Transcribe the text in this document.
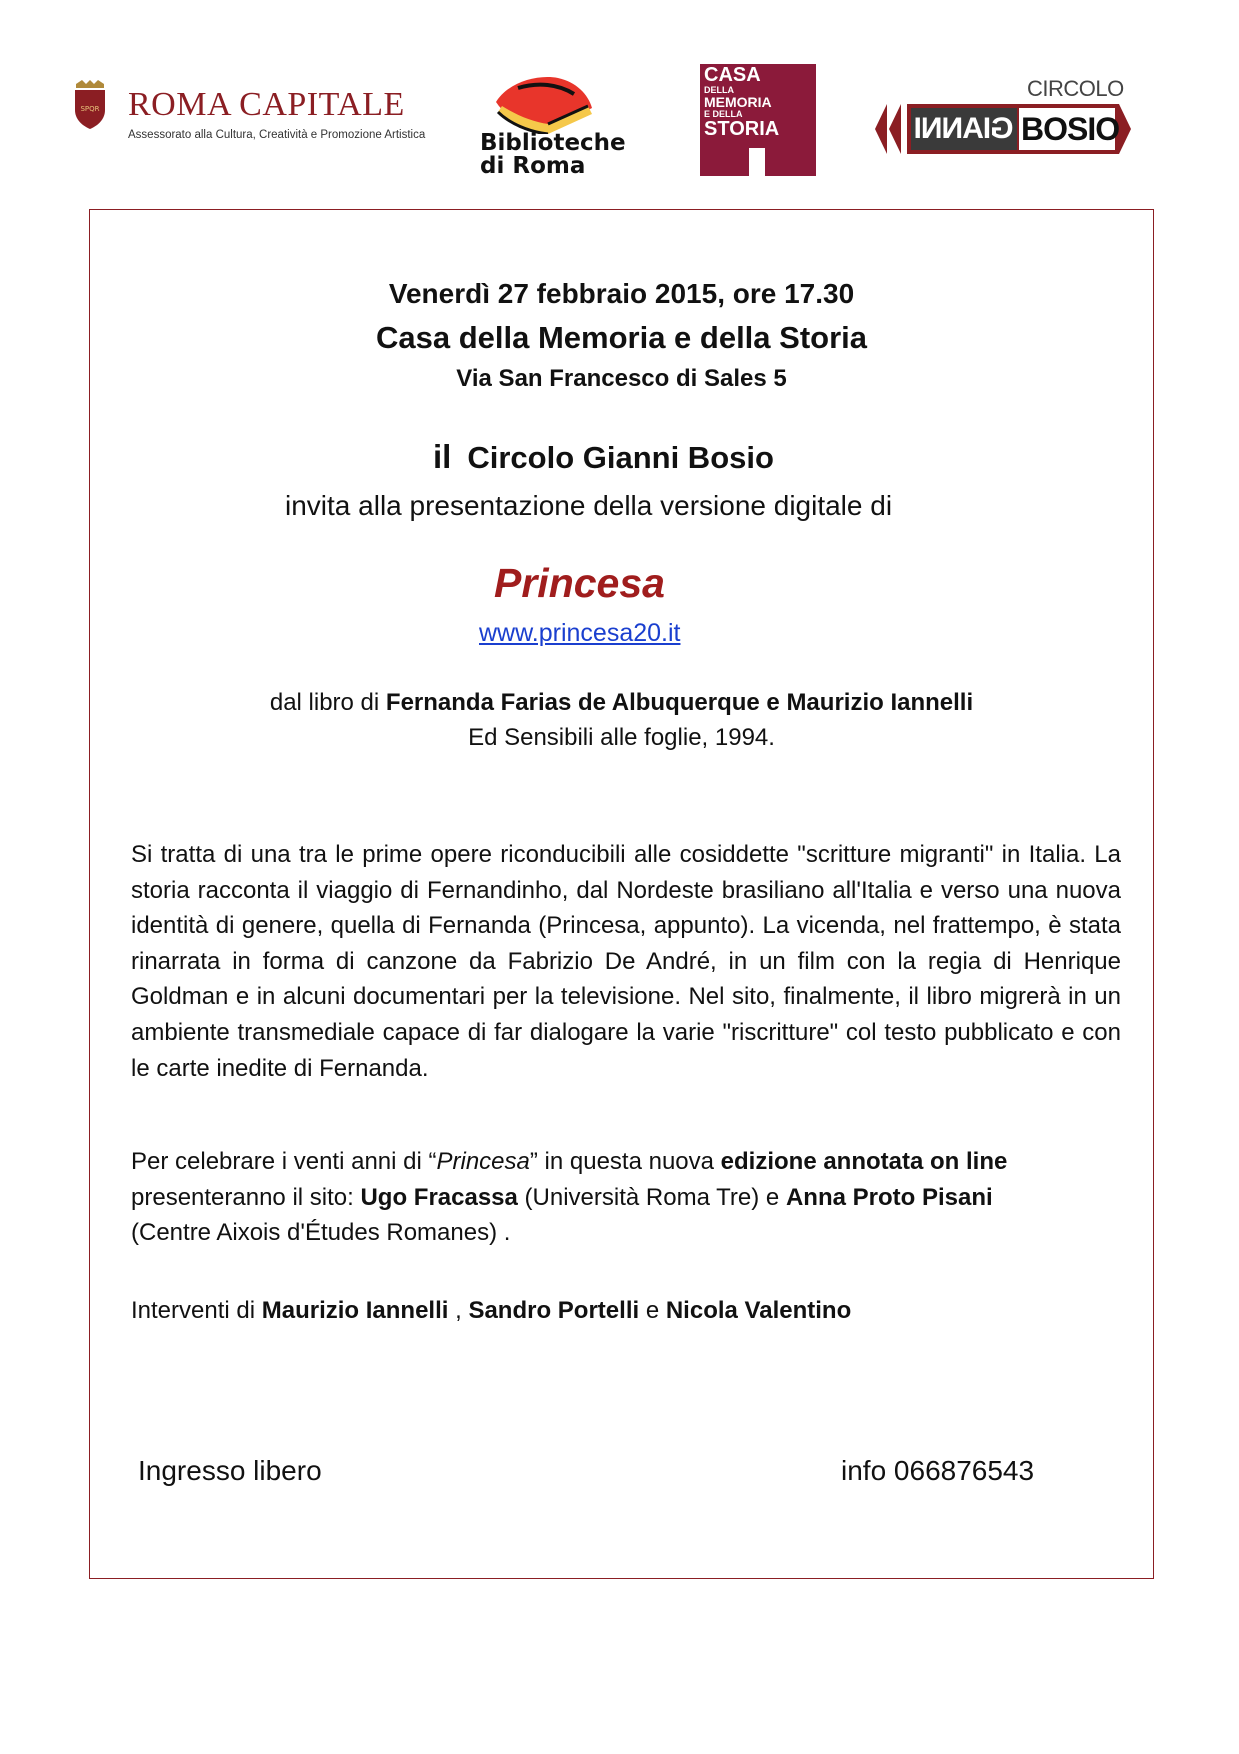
SPQR ROMA CAPITALE
Assessorato alla Cultura, Creatività e Promozione Artistica Biblioteche
di Roma
CASA
DELLA
MEMORIA
E DELLA
STORIA
CIRCOLO
GIANNI BOSIO
Venerdì 27 febbraio 2015, ore 17.30
Casa della Memoria e della Storia
Via San Francesco di Sales 5
il Circolo Gianni Bosio
invita alla presentazione della versione digitale di
Princesa
www.princesa20.it
dal libro di Fernanda Farias de Albuquerque e Maurizio Iannelli
Ed Sensibili alle foglie, 1994.
Si tratta di una tra le prime opere riconducibili alle cosiddette "scritture migranti" in Italia. La storia racconta il viaggio di Fernandinho, dal Nordeste brasiliano all'Italia e verso una nuova identità di genere, quella di Fernanda (Princesa, appunto). La vicenda, nel frattempo, è stata rinarrata in forma di canzone da Fabrizio De André, in un film con la regia di Henrique Goldman e in alcuni documentari per la televisione. Nel sito, finalmente, il libro migrerà in un ambiente transmediale capace di far dialogare la varie "riscritture" col testo pubblicato e con le carte inedite di Fernanda.
Per celebrare i venti anni di “Princesa” in questa nuova edizione annotata on line
presenteranno il sito: Ugo Fracassa (Università Roma Tre) e Anna Proto Pisani
(Centre Aixois d'Études Romanes) .
Interventi di Maurizio Iannelli , Sandro Portelli e Nicola Valentino
Ingresso libero	info 066876543
